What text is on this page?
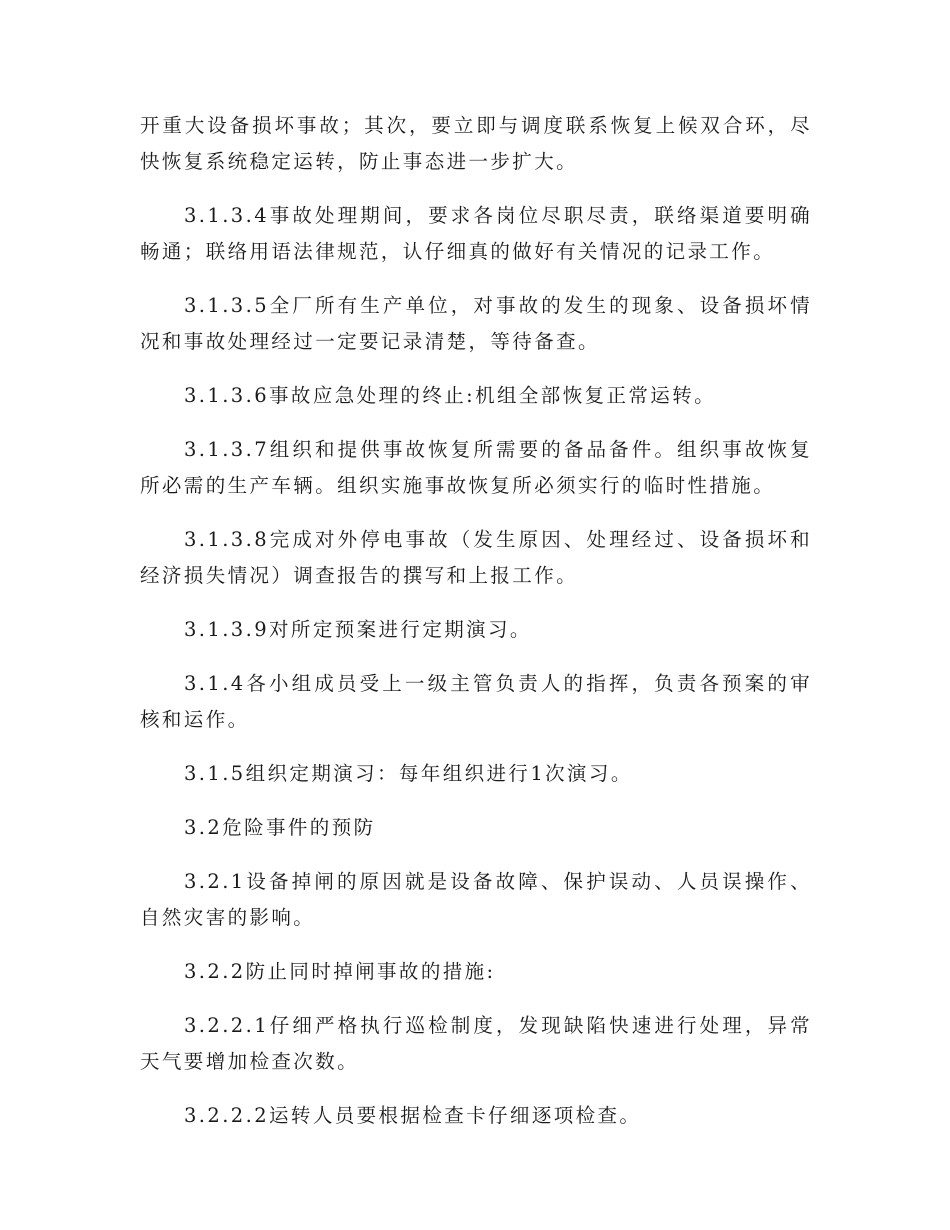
开重大设备损坏事故；其次，要立即与调度联系恢复上候双合环，尽快恢复系统稳定运转，防止事态进一步扩大。

3.1.3.4事故处理期间，要求各岗位尽职尽责，联络渠道要明确畅通；联络用语法律规范，认仔细真的做好有关情况的记录工作。

3.1.3.5全厂所有生产单位，对事故的发生的现象、设备损坏情况和事故处理经过一定要记录清楚，等待备查。

3.1.3.6事故应急处理的终止:机组全部恢复正常运转。

3.1.3.7组织和提供事故恢复所需要的备品备件。组织事故恢复所必需的生产车辆。组织实施事故恢复所必须实行的临时性措施。

3.1.3.8完成对外停电事故（发生原因、处理经过、设备损坏和经济损失情况）调查报告的撰写和上报工作。

3.1.3.9对所定预案进行定期演习。

3.1.4各小组成员受上一级主管负责人的指挥，负责各预案的审核和运作。

3.1.5组织定期演习：每年组织进行1次演习。

3.2危险事件的预防

3.2.1设备掉闸的原因就是设备故障、保护误动、人员误操作、自然灾害的影响。

3.2.2防止同时掉闸事故的措施:

3.2.2.1仔细严格执行巡检制度，发现缺陷快速进行处理，异常天气要增加检查次数。

3.2.2.2运转人员要根据检查卡仔细逐项检查。
